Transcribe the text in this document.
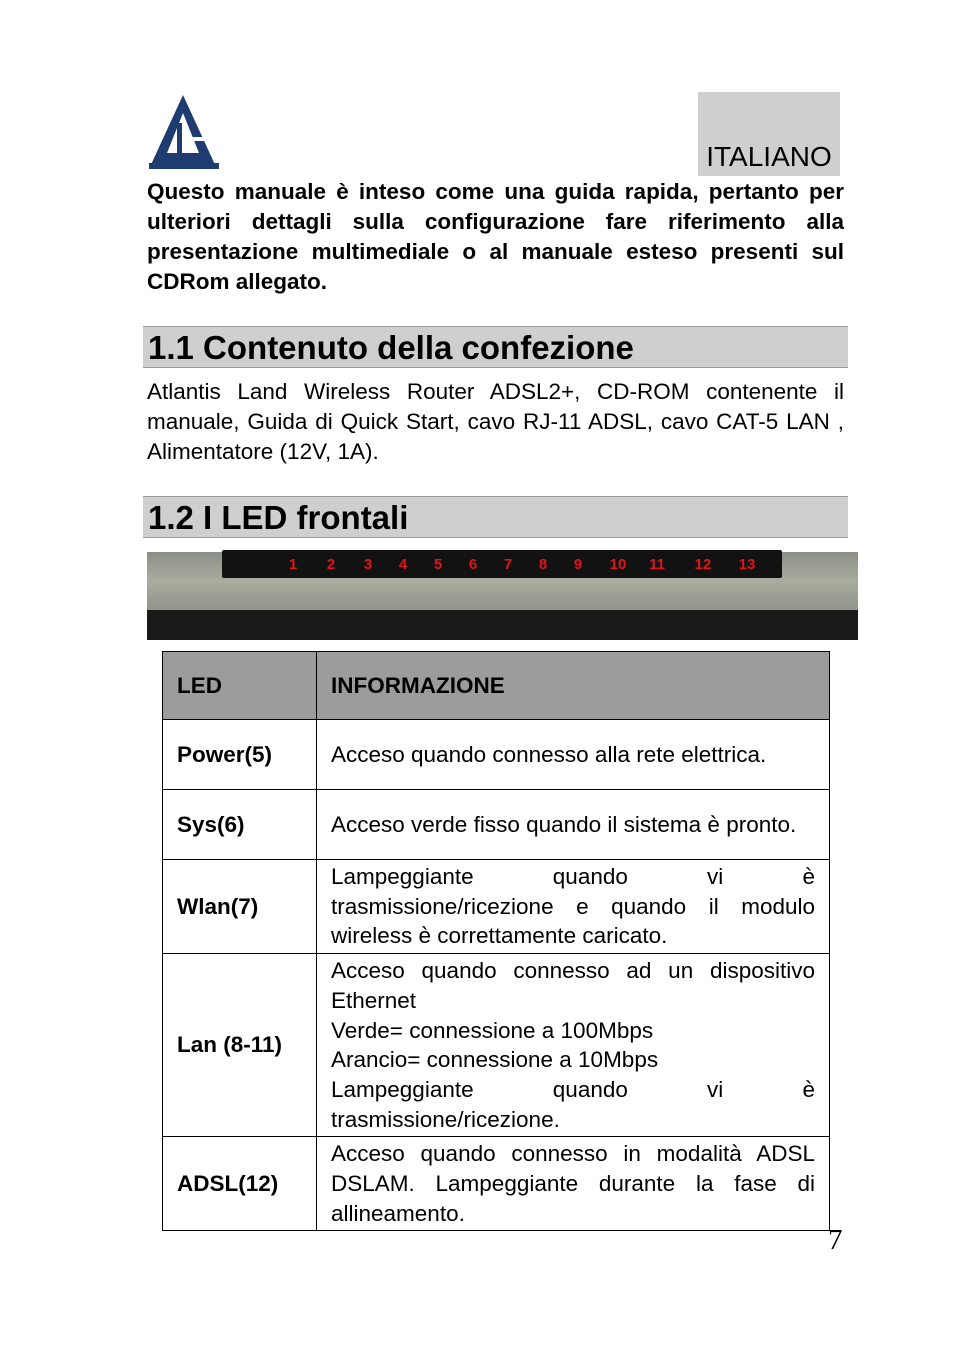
ITALIANO

Questo manuale è inteso come una guida rapida, pertanto per ulteriori dettagli sulla configurazione fare riferimento alla presentazione multimediale o al manuale esteso presenti sul CDRom allegato.

1.1 Contenuto della confezione

Atlantis Land Wireless Router ADSL2+, CD-ROM contenente il manuale, Guida di Quick Start, cavo RJ-11 ADSL, cavo CAT-5 LAN , Alimentatore (12V, 1A).

1.2 I LED frontali
1 2 3 4 5 6 7 8 9 10 11 12 13
LED	INFORMAZIONE
Power(5)	Acceso quando connesso alla rete elettrica.

Sys(6)	Acceso verde fisso quando il sistema è pronto.

Wlan(7)	Lampeggiante quando vi è trasmissione/ricezione e quando il modulo wireless è correttamente caricato.

Lan (8-11)	Acceso quando connesso ad un dispositivo Ethernet
Verde= connessione a 100Mbps
Arancio= connessione a 10Mbps
Lampeggiante quando vi è trasmissione/ricezione.

ADSL(12)	Acceso quando connesso in modalità ADSL DSLAM. Lampeggiante durante la fase di allineamento.
7
